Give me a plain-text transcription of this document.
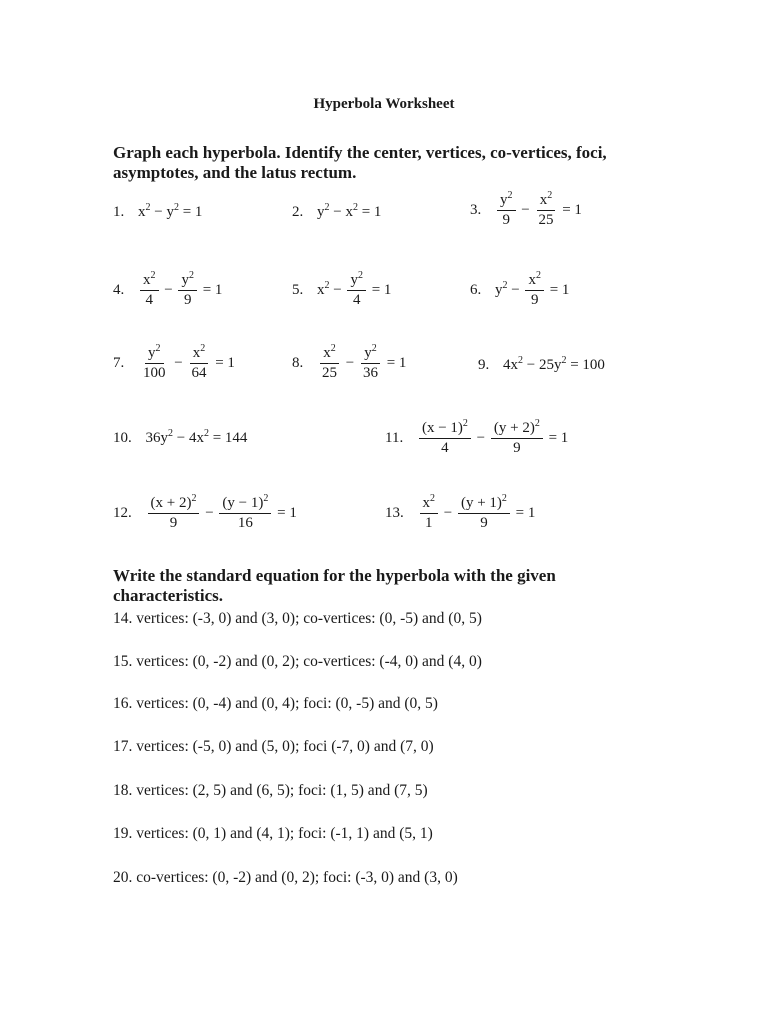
Hyperbola Worksheet
Graph each hyperbola. Identify the center, vertices, co-vertices, foci, asymptotes, and the latus rectum.
1. $x^2 - y^2 = 1$	2. $y^2 - x^2 = 1$	3. $\frac{y^2}{9} - \frac{x^2}{25} = 1$
4. $\frac{x^2}{4} - \frac{y^2}{9} = 1$	5. $x^2 - \frac{y^2}{4} = 1$	6. $y^2 - \frac{x^2}{9} = 1$
7. $\frac{y^2}{100} - \frac{x^2}{64} = 1$	8. $\frac{x^2}{25} - \frac{y^2}{36} = 1$	9. $4x^2 - 25y^2 = 100$
10. $36y^2 - 4x^2 = 144$	11. $\frac{(x - 1)^2}{4} - \frac{(y + 2)^2}{9} = 1$
12. $\frac{(x + 2)^2}{9} - \frac{(y - 1)^2}{16} = 1$	13. $\frac{x^2}{1} - \frac{(y + 1)^2}{9} = 1$
Write the standard equation for the hyperbola with the given characteristics.
14. vertices: (-3, 0) and (3, 0); co-vertices: (0, -5) and (0, 5)
15. vertices: (0, -2) and (0, 2); co-vertices: (-4, 0) and (4, 0)
16. vertices: (0, -4) and (0, 4); foci: (0, -5) and (0, 5)
17. vertices: (-5, 0) and (5, 0); foci (-7, 0) and (7, 0)
18. vertices: (2, 5) and (6, 5); foci: (1, 5) and (7, 5)
19. vertices: (0, 1) and (4, 1); foci: (-1, 1) and (5, 1)
20. co-vertices: (0, -2) and (0, 2); foci: (-3, 0) and (3, 0)
